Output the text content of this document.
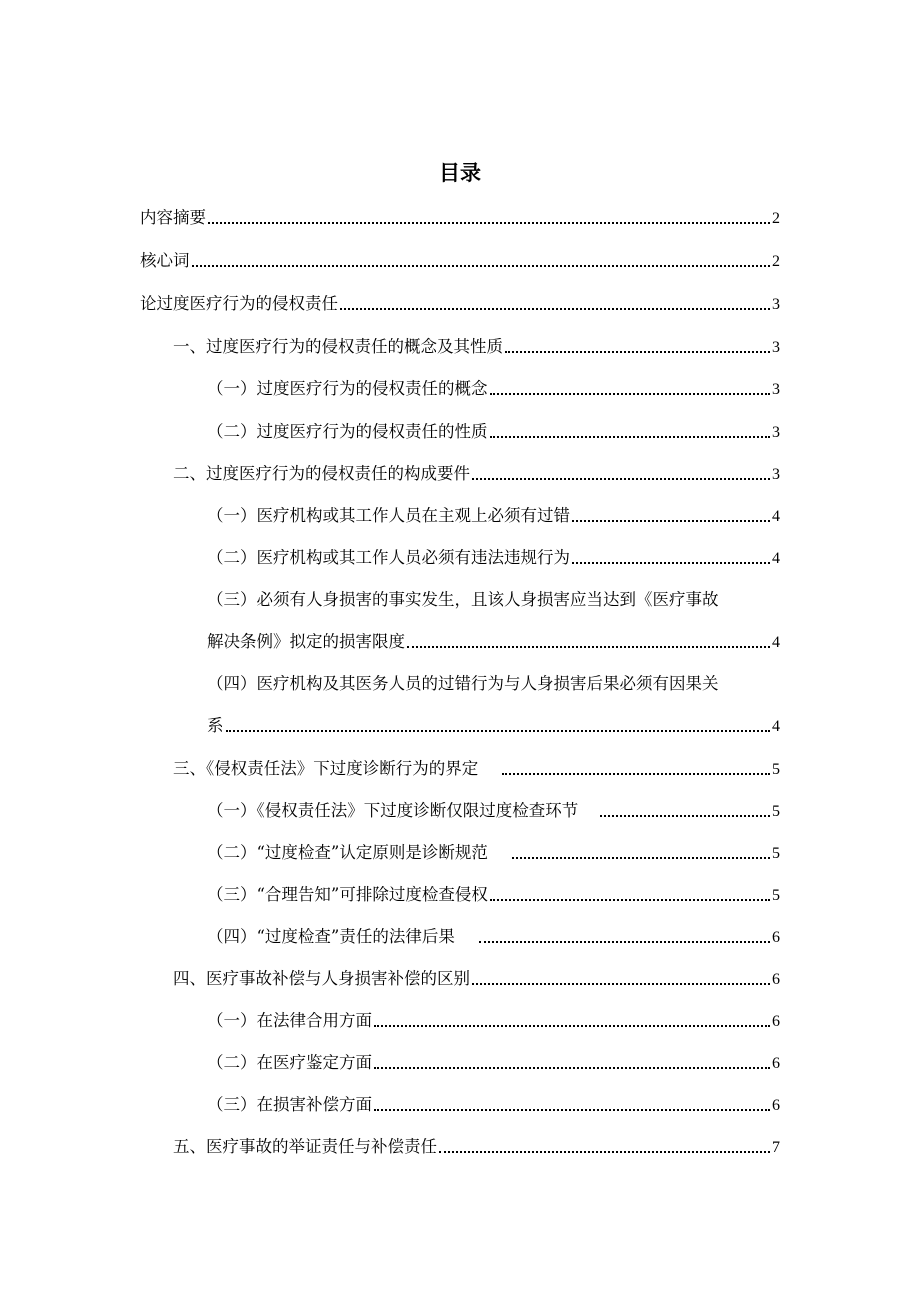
目录
内容摘要	2
核心词	2
论过度医疗行为的侵权责任	3
一、过度医疗行为的侵权责任的概念及其性质	3
（一）过度医疗行为的侵权责任的概念	3
（二）过度医疗行为的侵权责任的性质	3
二、过度医疗行为的侵权责任的构成要件	3
（一）医疗机构或其工作人员在主观上必须有过错	4
（二）医疗机构或其工作人员必须有违法违规行为	4
（三）必须有人身损害的事实发生，且该人身损害应当达到《医疗事故
解决条例》拟定的损害限度	4
（四）医疗机构及其医务人员的过错行为与人身损害后果必须有因果关
系	4
三、《侵权责任法》下过度诊断行为的界定	5
（一）《侵权责任法》下过度诊断仅限过度检查环节	5
（二）“过度检查”认定原则是诊断规范	5
（三）“合理告知”可排除过度检查侵权	5
（四）“过度检查”责任的法律后果	6
四、医疗事故补偿与人身损害补偿的区别	6
（一）在法律合用方面	6
（二）在医疗鉴定方面	6
（三）在损害补偿方面	6
五、医疗事故的举证责任与补偿责任	7
